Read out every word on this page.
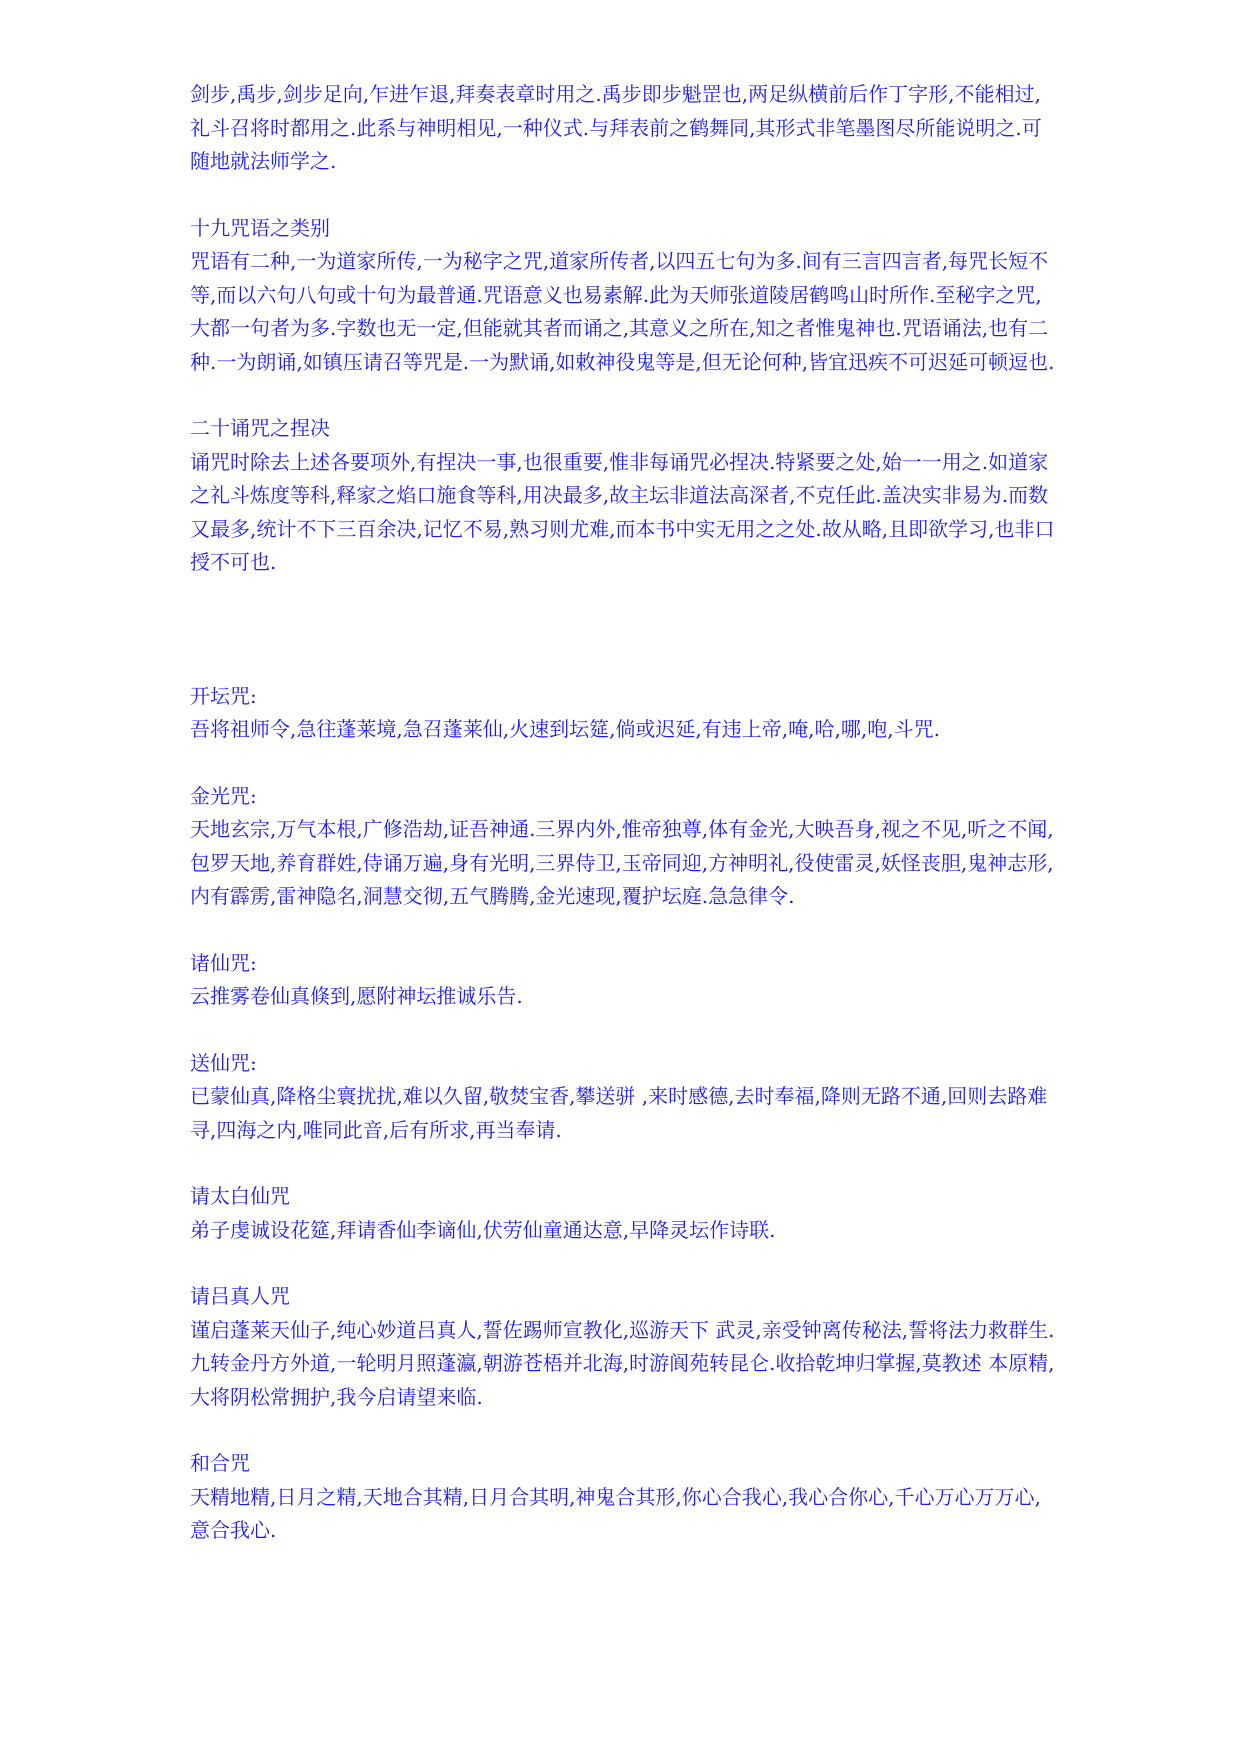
剑步,禹步,剑步足向,乍进乍退,拜奏表章时用之.禹步即步魁罡也,两足纵横前后作丁字形,不能相过,礼斗召将时都用之.此系与神明相见,一种仪式.与拜表前之鹤舞同,其形式非笔墨图尽所能说明之.可随地就法师学之.

十九咒语之类别

咒语有二种,一为道家所传,一为秘字之咒,道家所传者,以四五七句为多.间有三言四言者,每咒长短不等,而以六句八句或十句为最普通.咒语意义也易素解.此为天师张道陵居鹤鸣山时所作.至秘字之咒,大都一句者为多.字数也无一定,但能就其者而诵之,其意义之所在,知之者惟鬼神也.咒语诵法,也有二种.一为朗诵,如镇压请召等咒是.一为默诵,如敕神役鬼等是,但无论何种,皆宜迅疾不可迟延可顿逗也.

二十诵咒之捏决

诵咒时除去上述各要项外,有捏决一事,也很重要,惟非每诵咒必捏决.特紧要之处,始一一用之.如道家之礼斗炼度等科,释家之焰口施食等科,用决最多,故主坛非道法高深者,不克任此.盖决实非易为.而数又最多,统计不下三百余决,记忆不易,熟习则尤难,而本书中实无用之之处.故从略,且即欲学习,也非口授不可也.

开坛咒:

吾将祖师令,急往蓬莱境,急召蓬莱仙,火速到坛筵,倘或迟延,有违上帝,唵,哈,哪,咆,斗咒.

金光咒:

天地玄宗,万气本根,广修浩劫,证吾神通.三界内外,惟帝独尊,体有金光,大映吾身,视之不见,听之不闻,包罗天地,养育群姓,侍诵万遍,身有光明,三界侍卫,玉帝同迎,方神明礼,役使雷灵,妖怪丧胆,鬼神志形,内有霹雳,雷神隐名,洞慧交彻,五气腾腾,金光速现,覆护坛庭.急急律令.

诸仙咒:

云推雾卷仙真倏到,愿附神坛推诚乐告.

送仙咒:

已蒙仙真,降格尘寰扰扰,难以久留,敬焚宝香,攀送骈 ,来时感德,去时奉福,降则无路不通,回则去路难寻,四海之内,唯同此音,后有所求,再当奉请.

请太白仙咒

弟子虔诚设花筵,拜请香仙李谪仙,伏劳仙童通达意,早降灵坛作诗联.

请吕真人咒

谨启蓬莱天仙子,纯心妙道吕真人,誓佐踢师宣教化,巡游天下 武灵,亲受钟离传秘法,誓将法力救群生.九转金丹方外道,一轮明月照蓬瀛,朝游苍梧并北海,时游阆苑转昆仑.收拾乾坤归掌握,莫教述 本原精,大将阴松常拥护,我今启请望来临.

和合咒

天精地精,日月之精,天地合其精,日月合其明,神鬼合其形,你心合我心,我心合你心,千心万心万万心,意合我心.
